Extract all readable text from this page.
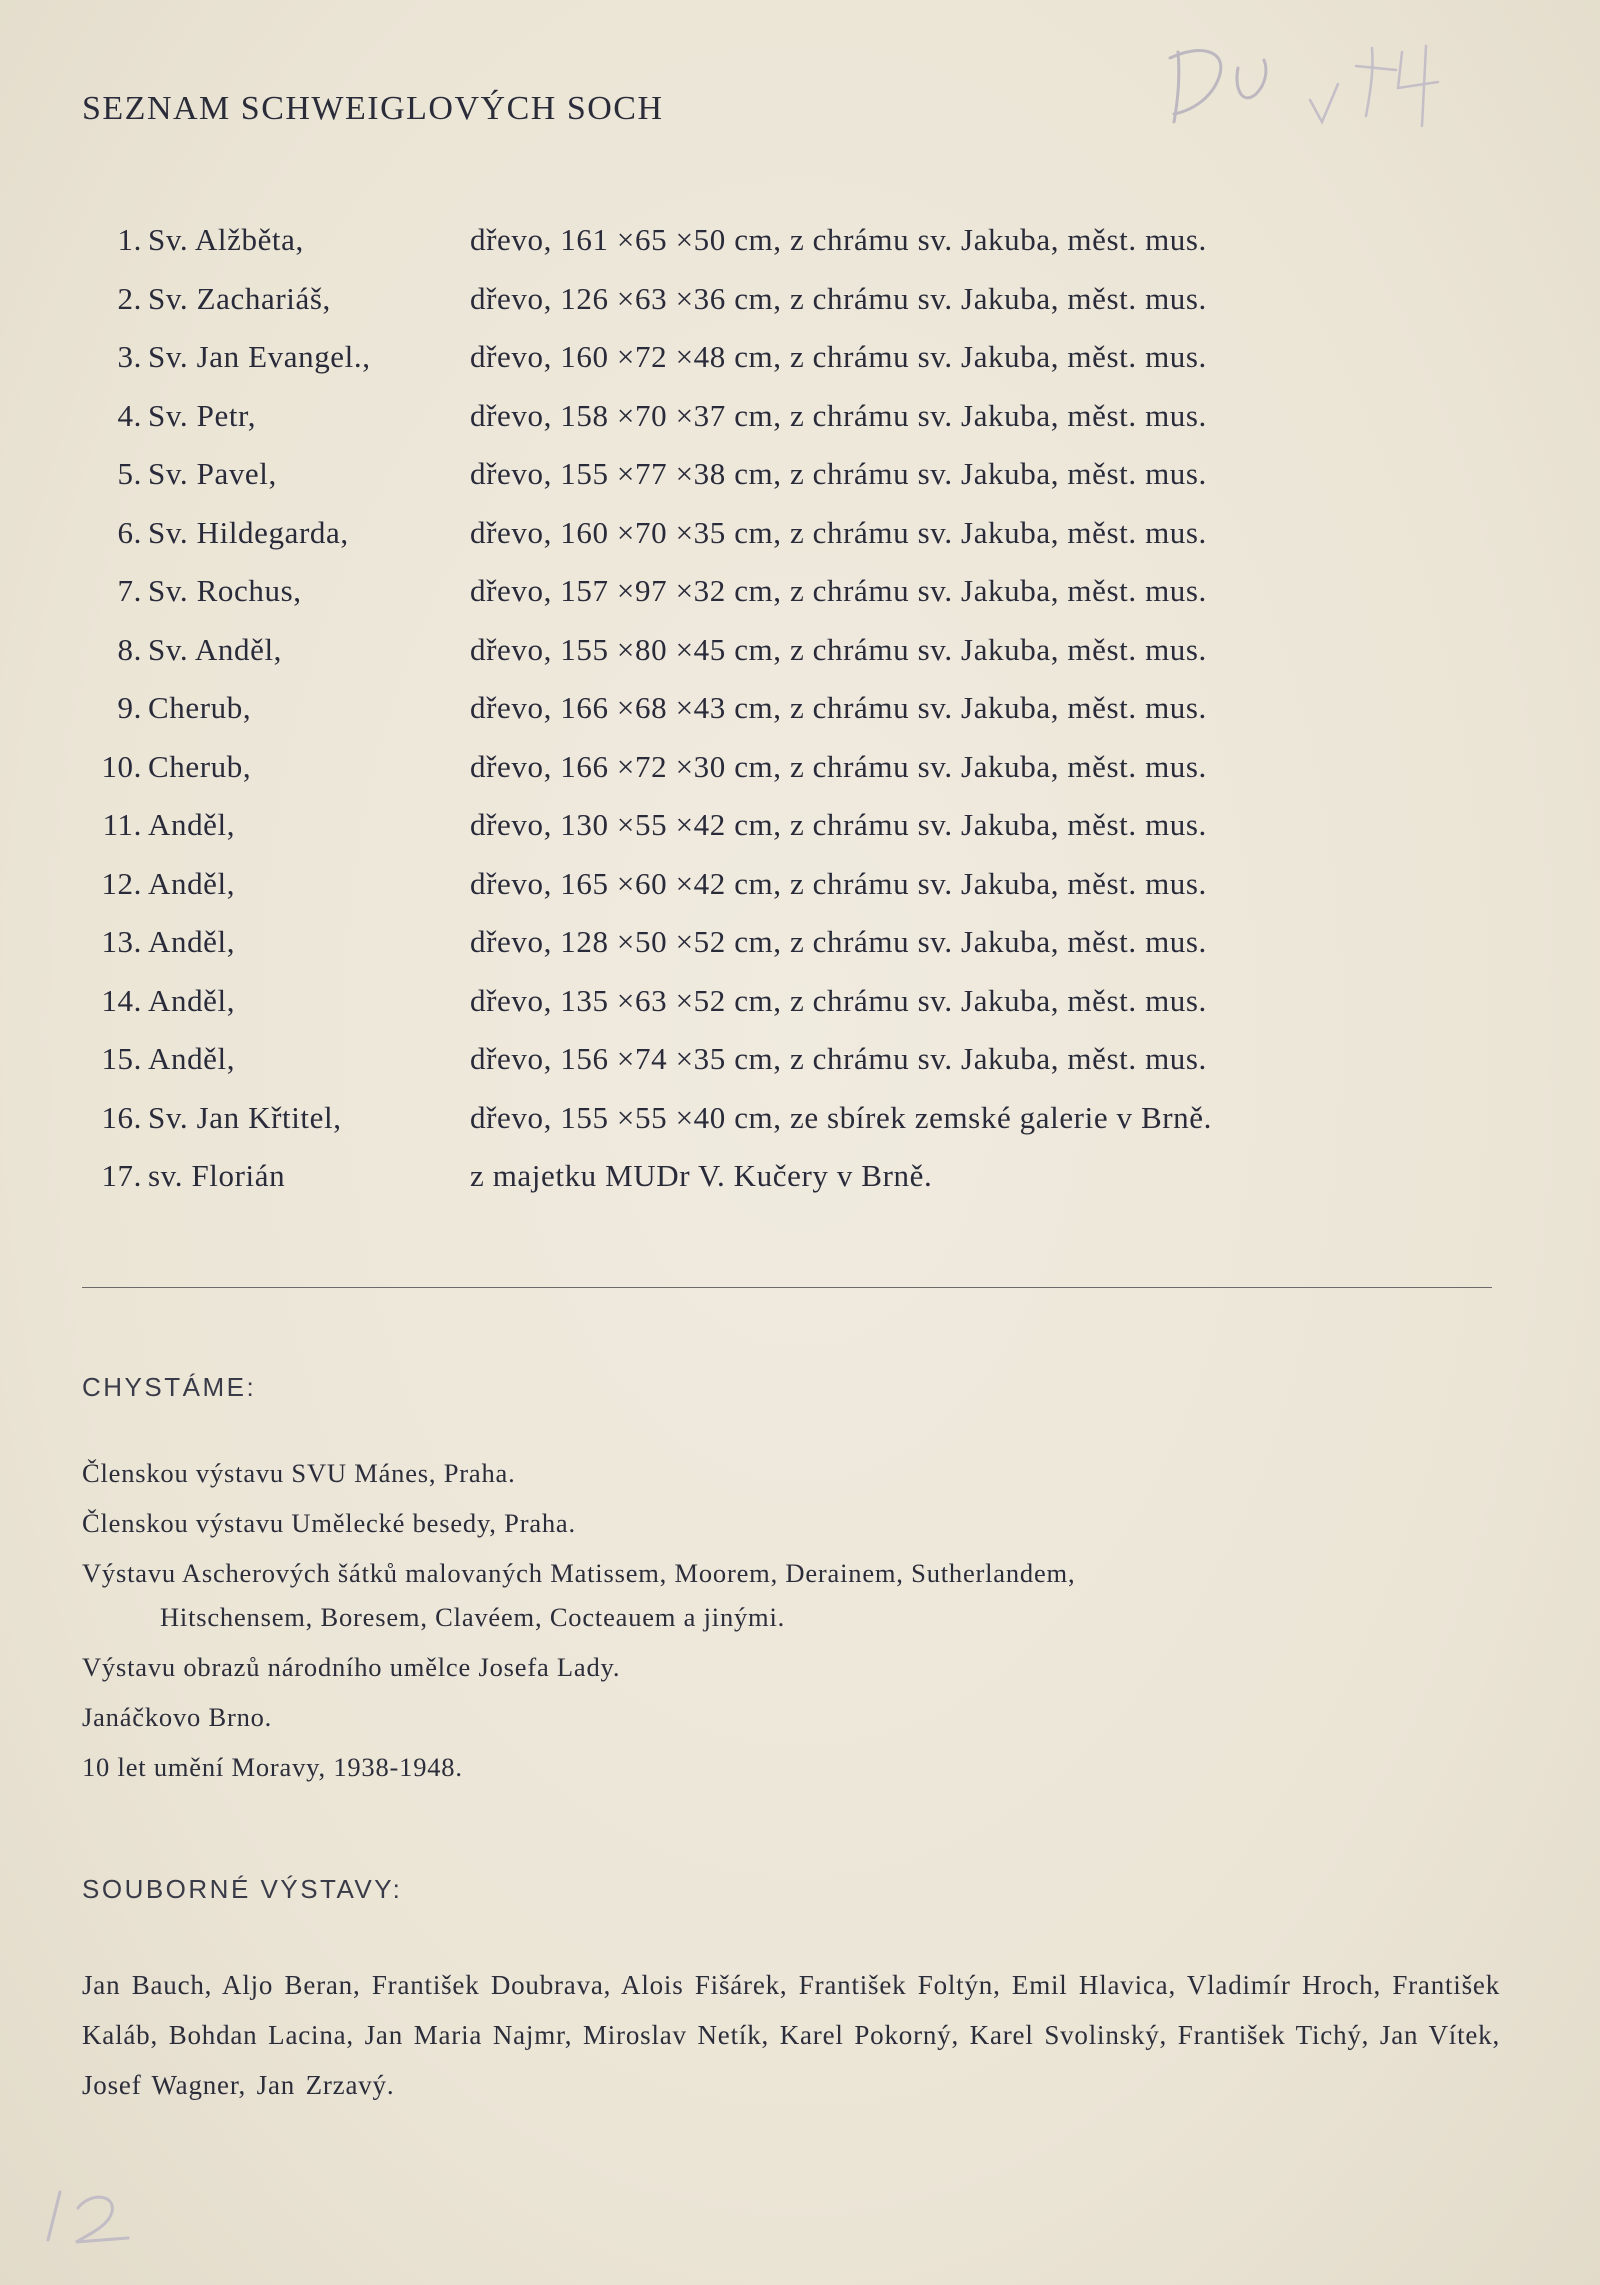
SEZNAM SCHWEIGLOVÝCH SOCH
1. Sv. Alžběta,	dřevo, 161 ×65 ×50 cm, z chrámu sv. Jakuba, měst. mus.
2. Sv. Zachariáš,	dřevo, 126 ×63 ×36 cm, z chrámu sv. Jakuba, měst. mus.
3. Sv. Jan Evangel.,	dřevo, 160 ×72 ×48 cm, z chrámu sv. Jakuba, měst. mus.
4. Sv. Petr,	dřevo, 158 ×70 ×37 cm, z chrámu sv. Jakuba, měst. mus.
5. Sv. Pavel,	dřevo, 155 ×77 ×38 cm, z chrámu sv. Jakuba, měst. mus.
6. Sv. Hildegarda,	dřevo, 160 ×70 ×35 cm, z chrámu sv. Jakuba, měst. mus.
7. Sv. Rochus,	dřevo, 157 ×97 ×32 cm, z chrámu sv. Jakuba, měst. mus.
8. Sv. Anděl,	dřevo, 155 ×80 ×45 cm, z chrámu sv. Jakuba, měst. mus.
9. Cherub,	dřevo, 166 ×68 ×43 cm, z chrámu sv. Jakuba, měst. mus.
10. Cherub,	dřevo, 166 ×72 ×30 cm, z chrámu sv. Jakuba, měst. mus.
11. Anděl,	dřevo, 130 ×55 ×42 cm, z chrámu sv. Jakuba, měst. mus.
12. Anděl,	dřevo, 165 ×60 ×42 cm, z chrámu sv. Jakuba, měst. mus.
13. Anděl,	dřevo, 128 ×50 ×52 cm, z chrámu sv. Jakuba, měst. mus.
14. Anděl,	dřevo, 135 ×63 ×52 cm, z chrámu sv. Jakuba, měst. mus.
15. Anděl,	dřevo, 156 ×74 ×35 cm, z chrámu sv. Jakuba, měst. mus.
16. Sv. Jan Křtitel,	dřevo, 155 ×55 ×40 cm, ze sbírek zemské galerie v Brně.
17. sv. Florián	z majetku MUDr V. Kučery v Brně.
CHYSTÁME:
Členskou výstavu SVU Mánes, Praha.
Členskou výstavu Umělecké besedy, Praha.
Výstavu Ascherových šátků malovaných Matissem, Moorem, Derainem, Sutherlandem,
Hitschensem, Boresem, Clavéem, Cocteauem a jinými.
Výstavu obrazů národního umělce Josefa Lady.
Janáčkovo Brno.
10 let umění Moravy, 1938-1948.
SOUBORNÉ VÝSTAVY:
Jan Bauch, Aljo Beran, František Doubrava, Alois Fišárek, František Foltýn, Emil Hlavica, Vladimír Hroch, František Kaláb, Bohdan Lacina, Jan Maria Najmr, Miroslav Netík, Karel Pokorný, Karel Svolinský, František Tichý, Jan Vítek, Josef Wagner, Jan Zrzavý.
